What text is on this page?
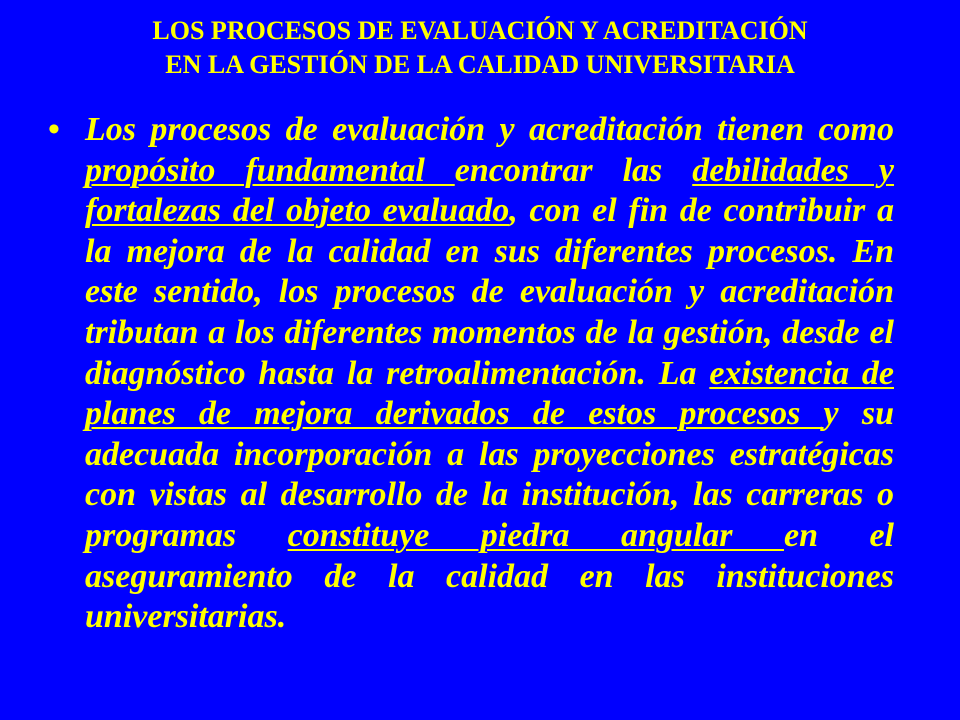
LOS PROCESOS DE EVALUACIÓN Y ACREDITACIÓN
EN LA GESTIÓN DE LA CALIDAD UNIVERSITARIA
• Los procesos de evaluación y acreditación tienen como propósito fundamental encontrar las debilidades y fortalezas del objeto evaluado, con el fin de contribuir a la mejora de la calidad en sus diferentes procesos. En este sentido, los procesos de evaluación y acreditación tributan a los diferentes momentos de la gestión, desde el diagnóstico hasta la retroalimentación. La existencia de planes de mejora derivados de estos procesos y su adecuada incorporación a las proyecciones estratégicas con vistas al desarrollo de la institución, las carreras o programas constituye piedra angular en el aseguramiento de la calidad en las instituciones universitarias.
